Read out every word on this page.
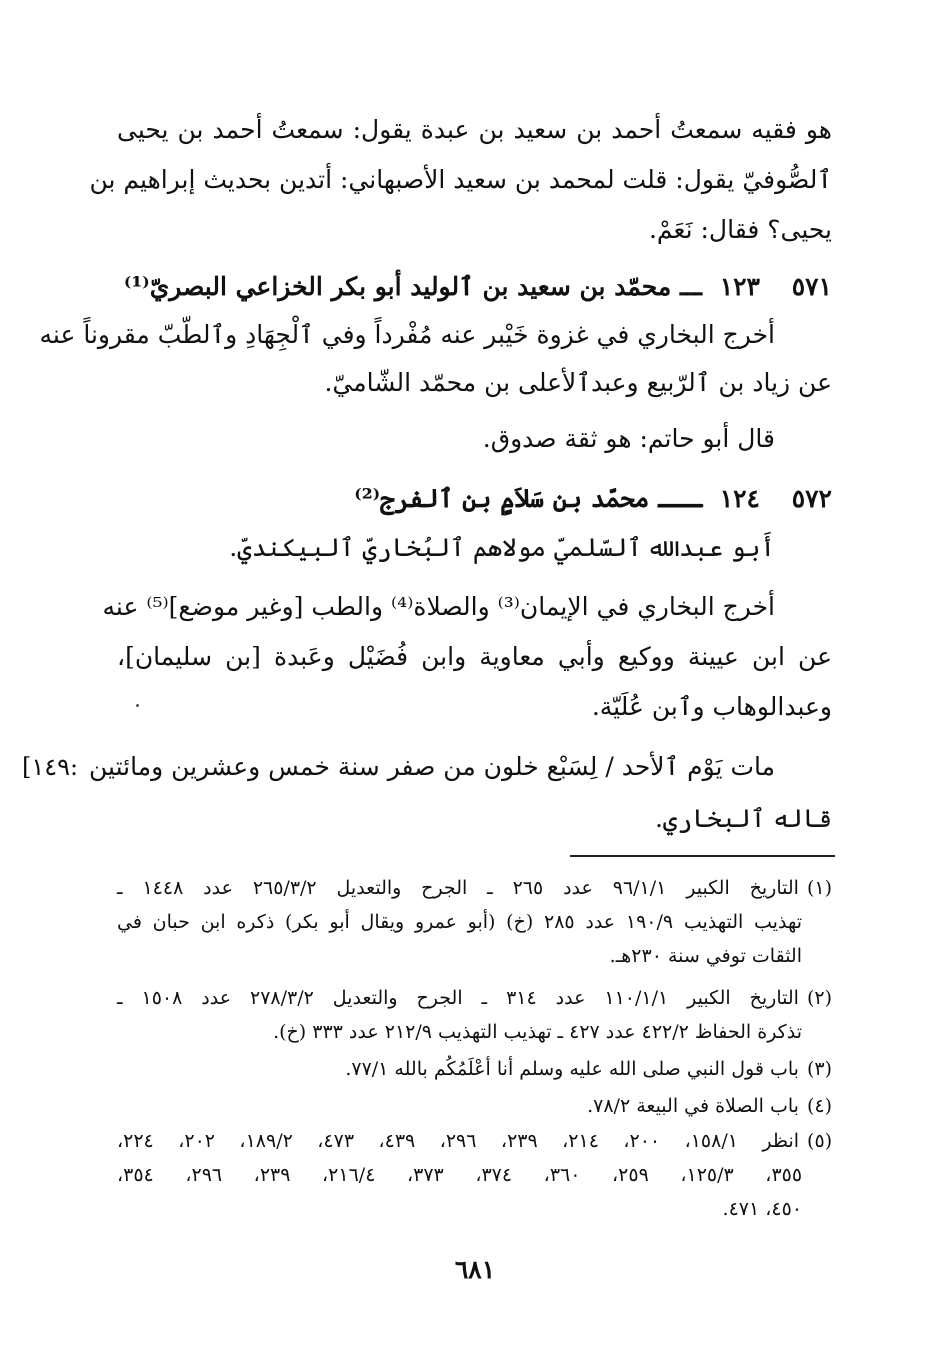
هو فقيه سمعتُ أحمد بن سعيد بن عبدة يقول: سمعتُ أحمد بن يحيى
ٱلصُّوفيّ يقول: قلت لمحمد بن سعيد الأصبهاني: أتدين بحديث إبراهيم بن
يحيى؟ فقال: نَعَمْ.
٥٧١
١٢٣
ـــ محمّد بن سعيد بن ٱلوليد أبو بكر الخزاعي البصريّ⁽¹⁾
أخرج البخاري في غزوة خَيْبر عنه مُفْرداً وفي ٱلْجِهَادِ وٱلطّبّ مقروناً عنه
عن زياد بن ٱلرّبيع وعبدٱلأعلى بن محمّد الشّاميّ.
قال أبو حاتم: هو ثقة صدوق.
٥٧٢
١٢٤
ـــ محمّد بن سَلاَمٍ بن ٱلفرج⁽²⁾
أَبو عبدالله ٱلسّلميّ مولاهم ٱلبُخاريّ ٱلبيكنديّ.
أخرج البخاري في الإيمان⁽³⁾ والصلاة⁽⁴⁾ والطب [وغير موضع]⁽⁵⁾ عنه
عن ابن عيينة ووكيع وأبي معاوية وابن فُضَيْل وعَبدة [بن سليمان]،
وعبدالوهاب وٱبن عُلَيّة.
مات يَوْم ٱلأحد / لِسَبْع خلون من صفر سنة خمس وعشرين ومائتين
[١٤٩:
قاله ٱلبخاري.
(١)التاريخ الكبير ٩٦/١/١ عدد ٢٦٥ ـ الجرح والتعديل ٢٦٥/٣/٢ عدد ١٤٤٨ ـ
تهذيب التهذيب ١٩٠/٩ عدد ٢٨٥ (خ) (أبو عمرو ويقال أبو بكر) ذكره ابن حبان في
الثقات توفي سنة ٢٣٠هـ.
(٢)التاريخ الكبير ١١٠/١/١ عدد ٣١٤ ـ الجرح والتعديل ٢٧٨/٣/٢ عدد ١٥٠٨ ـ
تذكرة الحفاظ ٤٢٢/٢ عدد ٤٢٧ ـ تهذيب التهذيب ٢١٢/٩ عدد ٣٣٣ (خ).
(٣)باب قول النبي صلى الله عليه وسلم أنا أعْلَمُكُم بالله ٧٧/١.
(٤)باب الصلاة في البيعة ٧٨/٢.
(٥)انظر ١٥٨/١، ٢٠٠، ٢١٤، ٢٣٩، ٢٩٦، ٤٣٩، ٤٧٣، ١٨٩/٢، ٢٠٢، ٢٢٤،
٣٥٥، ١٢٥/٣، ٢٥٩، ٣٦٠، ٣٧٤، ٣٧٣، ٢١٦/٤، ٢٣٩، ٢٩٦، ٣٥٤،
٤٥٠، ٤٧١.
٦٨١
